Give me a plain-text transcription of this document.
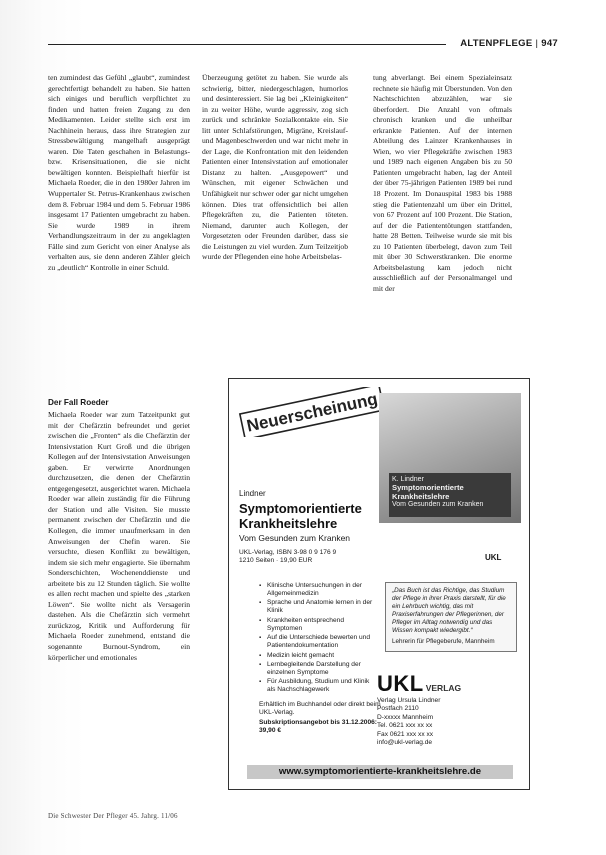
ALTENPFLEGE | 947

ten zumindest das Gefühl „glaubt“, zumindest gerechtfertigt behandelt zu haben. Sie hatten sich einiges und beruflich verpflichtet zu finden und hatten freien Zugang zu den Medikamenten. Leider stellte sich erst im Nachhinein heraus, dass ihre Strategien zur Stressbewältigung mangelhaft ausgeprägt waren. Die Taten geschahen in Belastungs- bzw. Krisensituationen, die sie nicht bewältigen konnten. Beispielhaft hierfür ist Michaela Roeder, die in den 1980er Jahren im Wuppertaler St. Petrus-Krankenhaus zwischen dem 8. Februar 1984 und dem 5. Februar 1986 insgesamt 17 Patienten umgebracht zu haben. Sie wurde 1989 in ihrem Verhandlungszeitraum in der zu angeklagten Fälle sind zum Gericht von einer Analyse als verhalten aus, sie denn anderen Zähler gleich zu „deutlich“ Kontrolle in einer Schuld.

Überzeugung getötet zu haben. Sie wurde als schwierig, bitter, niedergeschlagen, humorlos und desinteressiert. Sie lag bei „Kleinigkeiten“ in zu weiter Höhe, wurde aggressiv, zog sich zurück und schränkte Sozialkontakte ein. Sie litt unter Schlafstörungen, Migräne, Kreislauf- und Magenbeschwerden und war nicht mehr in der Lage, die Konfrontation mit den leidenden Patienten einer Intensivstation auf emotionaler Distanz zu halten. „Ausgepowert“ und Wünschen, mit eigener Schwächen und Unfähigkeit nur schwer oder gar nicht umgehen können. Dies trat offensichtlich bei allen Pflegekräften zu, die Patienten töteten. Niemand, darunter auch Kollegen, der Vorgesetzten oder Freunden darüber, dass sie die Leistungen zu viel wurden. Zum Teilzeitjob wurde der Pflegenden eine hohe Arbeitsbelas-

tung abverlangt. Bei einem Spezialeinsatz rechnete sie häufig mit Überstunden. Von den Nachtschichten abzuzählen, war sie überfordert. Die Anzahl von oftmals chronisch kranken und die unheilbar erkrankte Patienten. Auf der internen Abteilung des Lainzer Krankenhauses in Wien, wo vier Pflegekräfte zwischen 1983 und 1989 nach eigenen Angaben bis zu 50 Patienten umgebracht haben, lag der Anteil der über 75-jährigen Patienten 1989 bei rund 18 Prozent. Im Donauspital 1983 bis 1988 stieg die Patientenzahl um über ein Drittel, von 67 Prozent auf 100 Prozent. Die Station, auf der die Patiententötungen stattfanden, hatte 28 Betten. Teilweise wurde sie mit bis zu 10 Patienten überbelegt, davon zum Teil mit über 30 Schwerstkranken. Die enorme Arbeitsbelastung kam jedoch nicht ausschließlich auf der Personalmangel und mit der

Der Fall Roeder

Michaela Roeder war zum Tatzeitpunkt gut mit der Chefärztin befreundet und geriet zwischen die „Fronten“ als die Chefärztin der Intensivstation Kurt Groß und die übrigen Kollegen auf der Intensivstation Anweisungen gaben. Er verwirrte Anordnungen durchzusetzen, die denen der Chefärztin entgegengesetzt, ausgerichtet waren. Michaela Roeder war allein zuständig für die Führung der Station und alle Visiten. Sie musste permanent zwischen der Chefärztin und die Kollegen, die immer unaufmerksam in den Anweisungen der Chefin waren. Sie versuchte, diesen Konflikt zu bewältigen, indem sie sich mehr engagierte. Sie übernahm Sonderschichten, Wochenenddienste und arbeitete bis zu 12 Stunden täglich. Sie wollte es allen recht machen und spielte des „starken Löwen“. Sie wollte nicht als Versagerin dastehen. Als die Chefärztin sich vermehrt zurückzog, Kritik und Aufforderung für Michaela Roeder zunehmend, entstand die sogenannte Burnout-Syndrom, ein körperlicher und emotionales

Neuerscheinung
K. Lindner
Symptomorientierte Krankheitslehre
Vom Gesunden zum Kranken
Lindner
Symptomorientierte Krankheitslehre
Vom Gesunden zum Kranken
UKL-Verlag, ISBN 3-98 0 9 176 9
1210 Seiten · 19,90 EUR	UKL
▪ Klinische Untersuchungen in der Allgemeinmedizin
▪ Sprache und Anatomie lernen in der Klinik
▪ Krankheiten entsprechend Symptomen
▪ Auf die Unterschiede bewerten und Patientendokumentation
▪ Medizin leicht gemacht
▪ Lernbegleitende Darstellung der einzelnen Symptome
▪ Für Ausbildung, Studium und Klinik als Nachschlagewerk
„Das Buch ist das Richtige, das Studium der Pflege in ihrer Praxis darstellt, für die ein Lehrbuch wichtig, das mit Praxiserfahrungen der Pflegerinnen, der Pfleger im Alltag notwendig und das Wissen kompakt wiedergibt.“
Lehrerin für Pflegeberufe, Mannheim
Erhältlich im Buchhandel oder direkt beim UKL-Verlag.
Subskriptionsangebot bis 31.12.2006: 39,90 €
UKL VERLAG
Verlag Ursula Lindner
Postfach 2110
D-xxxxx Mannheim
Tel. 0621 xxx xx xx
Fax 0621 xxx xx xx
info@ukl-verlag.de
www.symptomorientierte-krankheitslehre.de
Die Schwester Der Pfleger 45. Jahrg. 11/06
